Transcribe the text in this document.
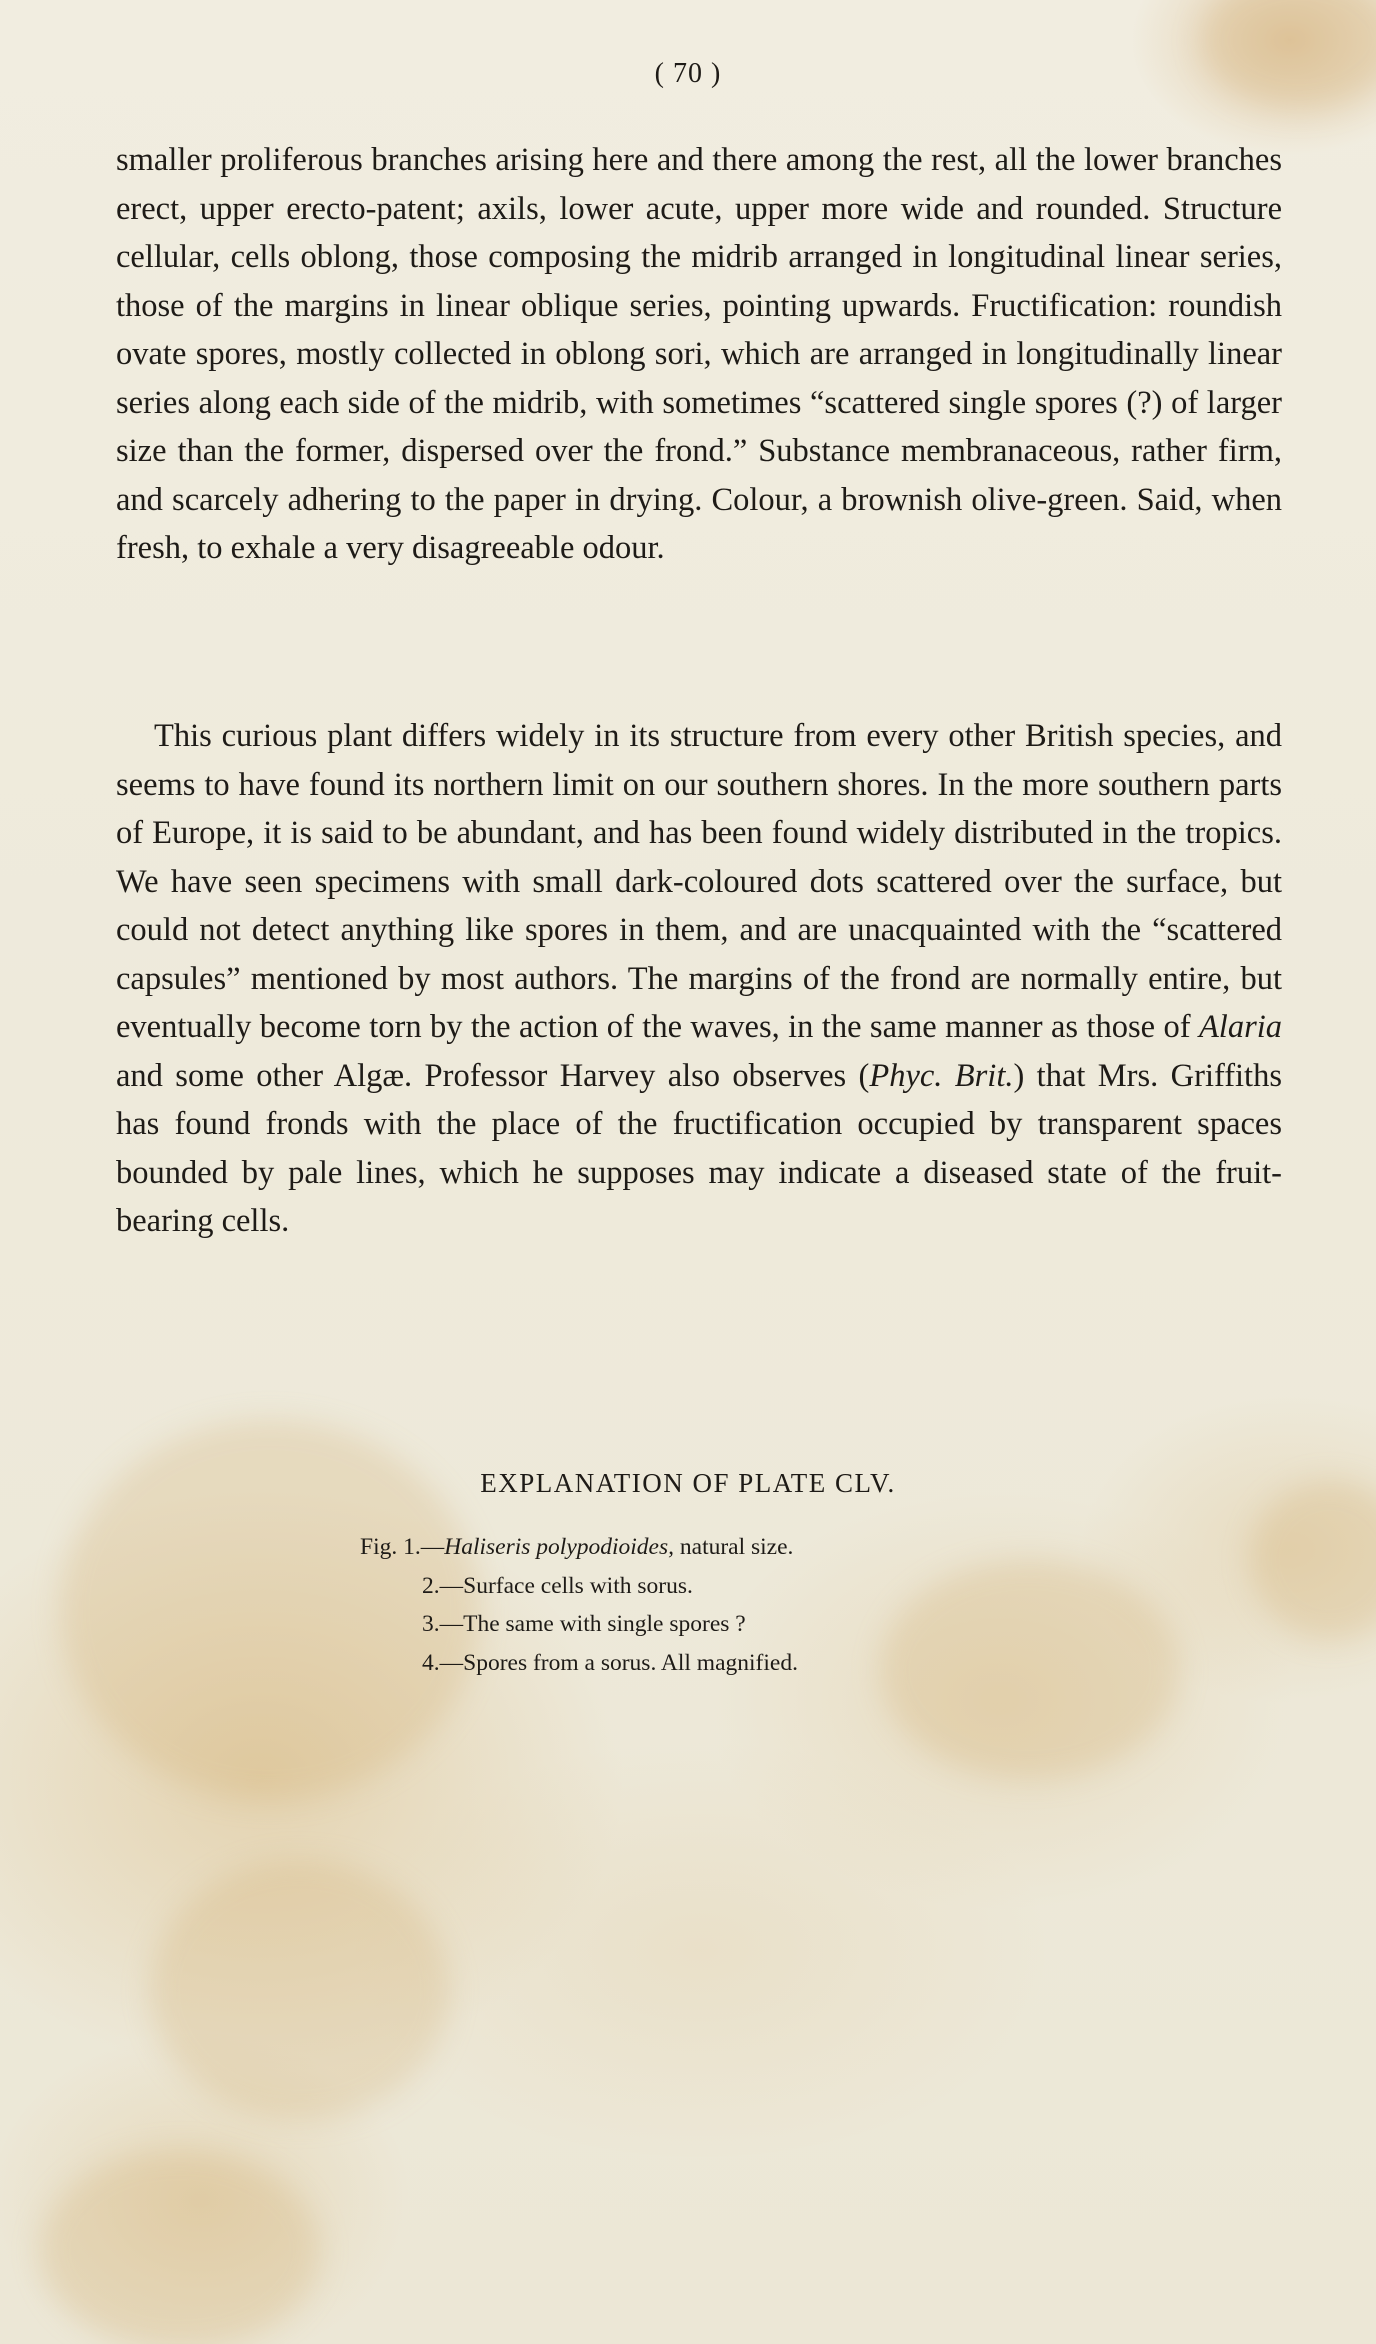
( 70 )

smaller proliferous branches arising here and there among the rest, all the lower branches erect, upper erecto-patent; axils, lower acute, upper more wide and rounded. Structure cellular, cells oblong, those composing the midrib arranged in longitudinal linear series, those of the margins in linear oblique series, pointing upwards. Fructification: roundish ovate spores, mostly collected in oblong sori, which are arranged in longitudinally linear series along each side of the midrib, with sometimes “scattered single spores (?) of larger size than the former, dispersed over the frond.” Substance membranaceous, rather firm, and scarcely adhering to the paper in drying. Colour, a brownish olive-green. Said, when fresh, to exhale a very disagreeable odour.

This curious plant differs widely in its structure from every other British species, and seems to have found its northern limit on our southern shores. In the more southern parts of Europe, it is said to be abundant, and has been found widely distributed in the tropics. We have seen specimens with small dark-coloured dots scattered over the surface, but could not detect anything like spores in them, and are unacquainted with the “scattered capsules” mentioned by most authors. The margins of the frond are normally entire, but eventually become torn by the action of the waves, in the same manner as those of Alaria and some other Algæ. Professor Harvey also observes (Phyc. Brit.) that Mrs. Griffiths has found fronds with the place of the fructification occupied by transparent spaces bounded by pale lines, which he supposes may indicate a diseased state of the fruit-bearing cells.

EXPLANATION OF PLATE CLV.
Fig. 1.—Haliseris polypodioides, natural size.
2.—Surface cells with sorus.
3.—The same with single spores ?
4.—Spores from a sorus. All magnified.
